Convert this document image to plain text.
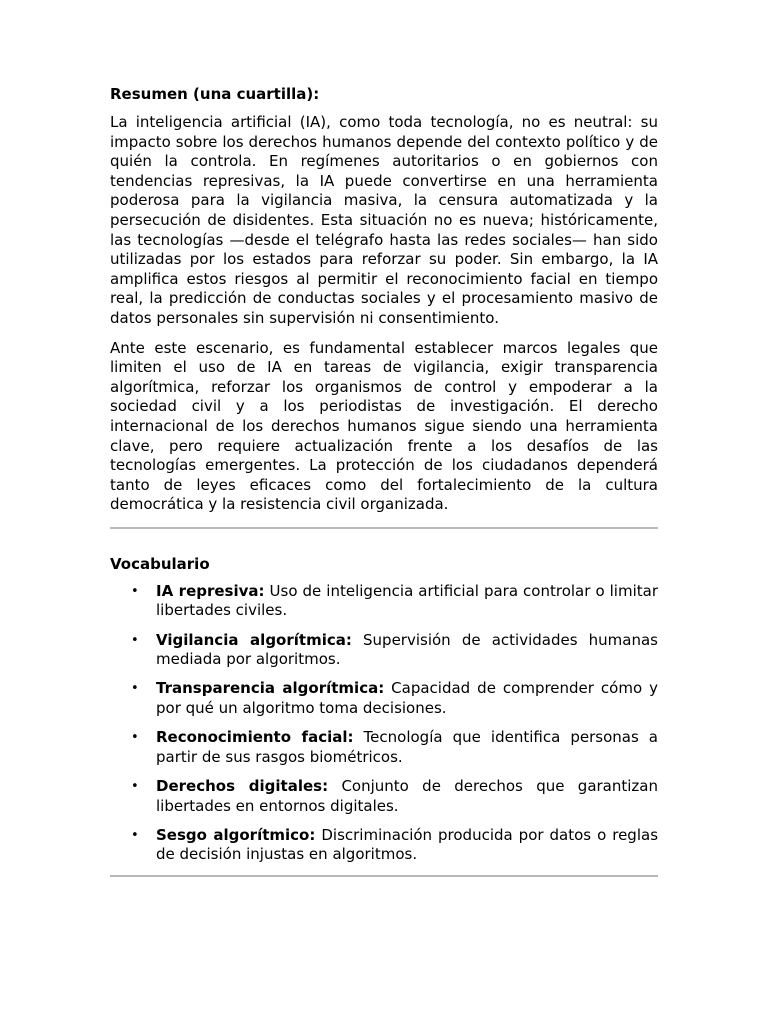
Resumen (una cuartilla):

La inteligencia artificial (IA), como toda tecnología, no es neutral: su impacto sobre los derechos humanos depende del contexto político y de quién la controla. En regímenes autoritarios o en gobiernos con tendencias represivas, la IA puede convertirse en una herramienta poderosa para la vigilancia masiva, la censura automatizada y la persecución de disidentes. Esta situación no es nueva; históricamente, las tecnologías —desde el telégrafo hasta las redes sociales— han sido utilizadas por los estados para reforzar su poder. Sin embargo, la IA amplifica estos riesgos al permitir el reconocimiento facial en tiempo real, la predicción de conductas sociales y el procesamiento masivo de datos personales sin supervisión ni consentimiento.

Ante este escenario, es fundamental establecer marcos legales que limiten el uso de IA en tareas de vigilancia, exigir transparencia algorítmica, reforzar los organismos de control y empoderar a la sociedad civil y a los periodistas de investigación. El derecho internacional de los derechos humanos sigue siendo una herramienta clave, pero requiere actualización frente a los desafíos de las tecnologías emergentes. La protección de los ciudadanos dependerá tanto de leyes eficaces como del fortalecimiento de la cultura democrática y la resistencia civil organizada.

Vocabulario
• IA represiva: Uso de inteligencia artificial para controlar o limitar libertades civiles.
• Vigilancia algorítmica: Supervisión de actividades humanas mediada por algoritmos.
• Transparencia algorítmica: Capacidad de comprender cómo y por qué un algoritmo toma decisiones.
• Reconocimiento facial: Tecnología que identifica personas a partir de sus rasgos biométricos.
• Derechos digitales: Conjunto de derechos que garantizan libertades en entornos digitales.
• Sesgo algorítmico: Discriminación producida por datos o reglas de decisión injustas en algoritmos.
